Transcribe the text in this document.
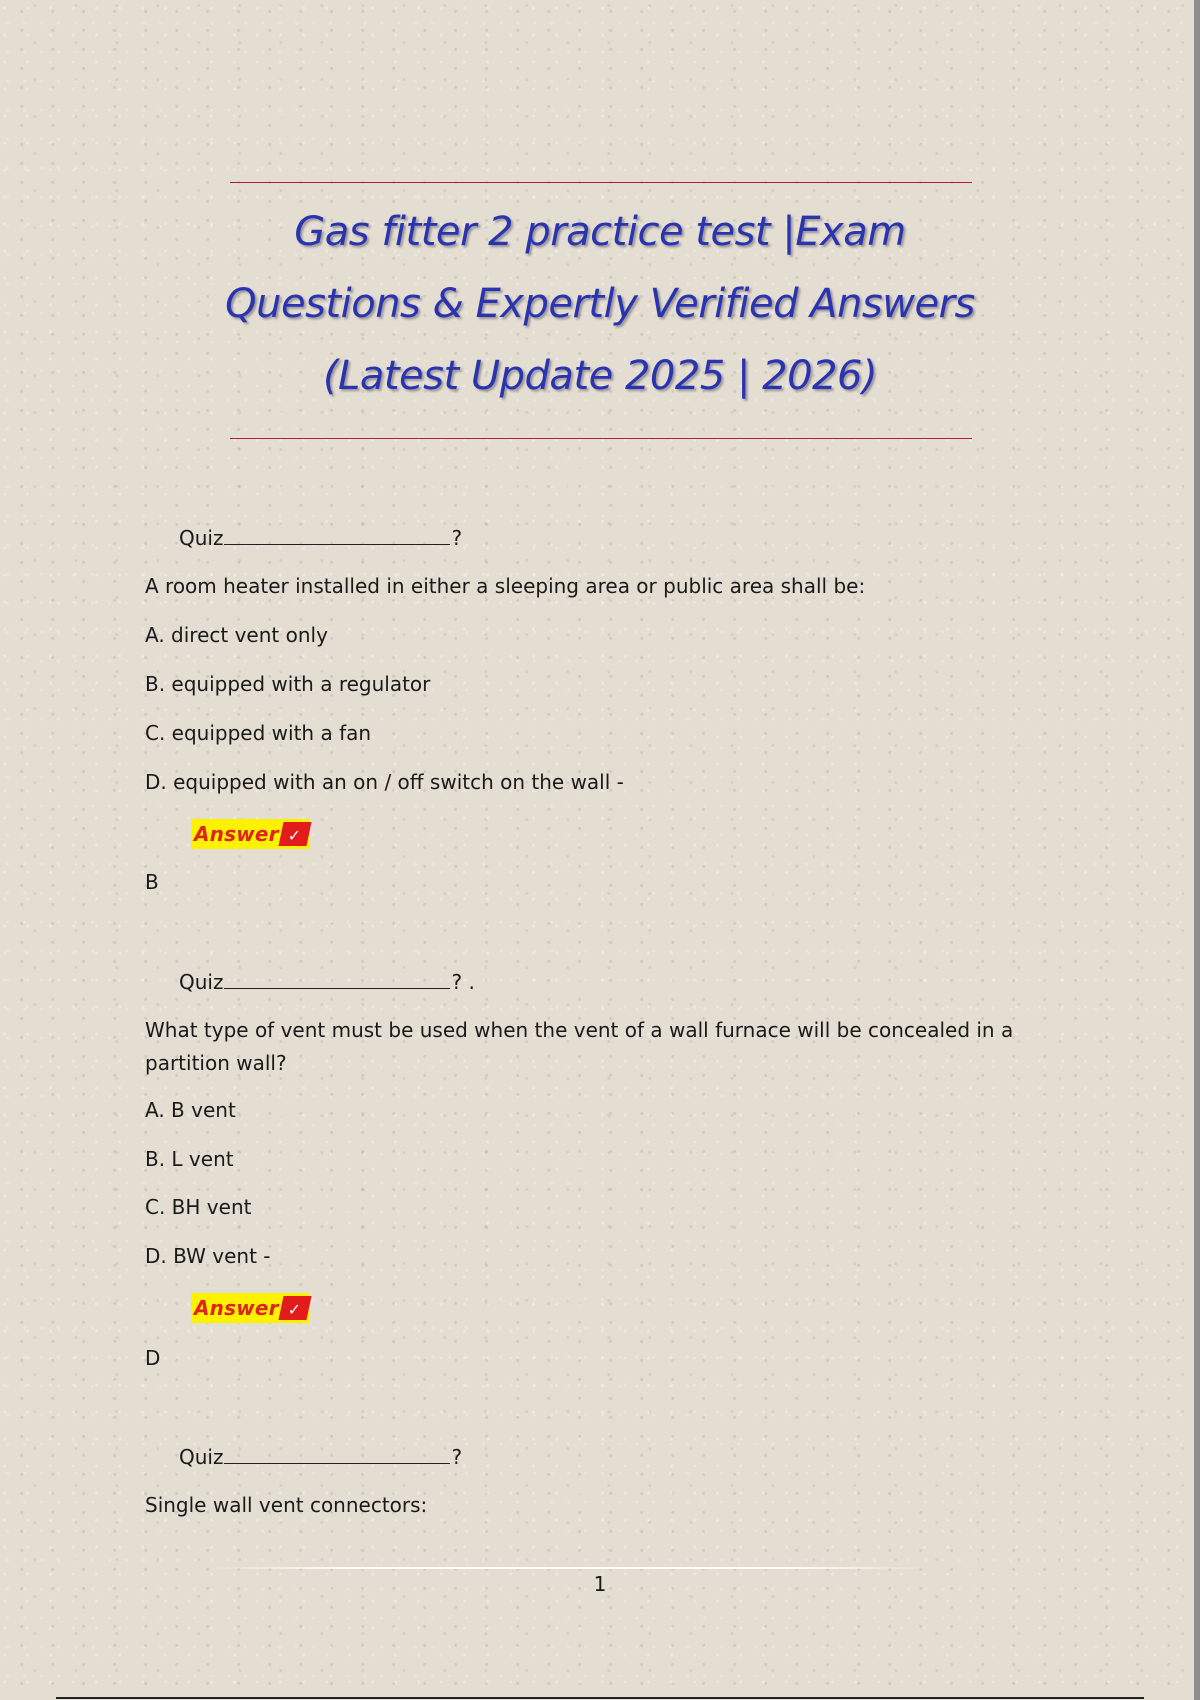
Gas fitter 2 practice test |Exam
Questions & Expertly Verified Answers
(Latest Update 2025 | 2026)
Quiz	?
A room heater installed in either a sleeping area or public area shall be:
A. direct vent only
B. equipped with a regulator
C. equipped with a fan
D. equipped with an on / off switch on the wall -
Answer ✓
B
Quiz	? .
What type of vent must be used when the vent of a wall furnace will be concealed in a partition wall?
A. B vent
B. L vent
C. BH vent
D. BW vent -
Answer ✓
D
Quiz	?
Single wall vent connectors:
1
